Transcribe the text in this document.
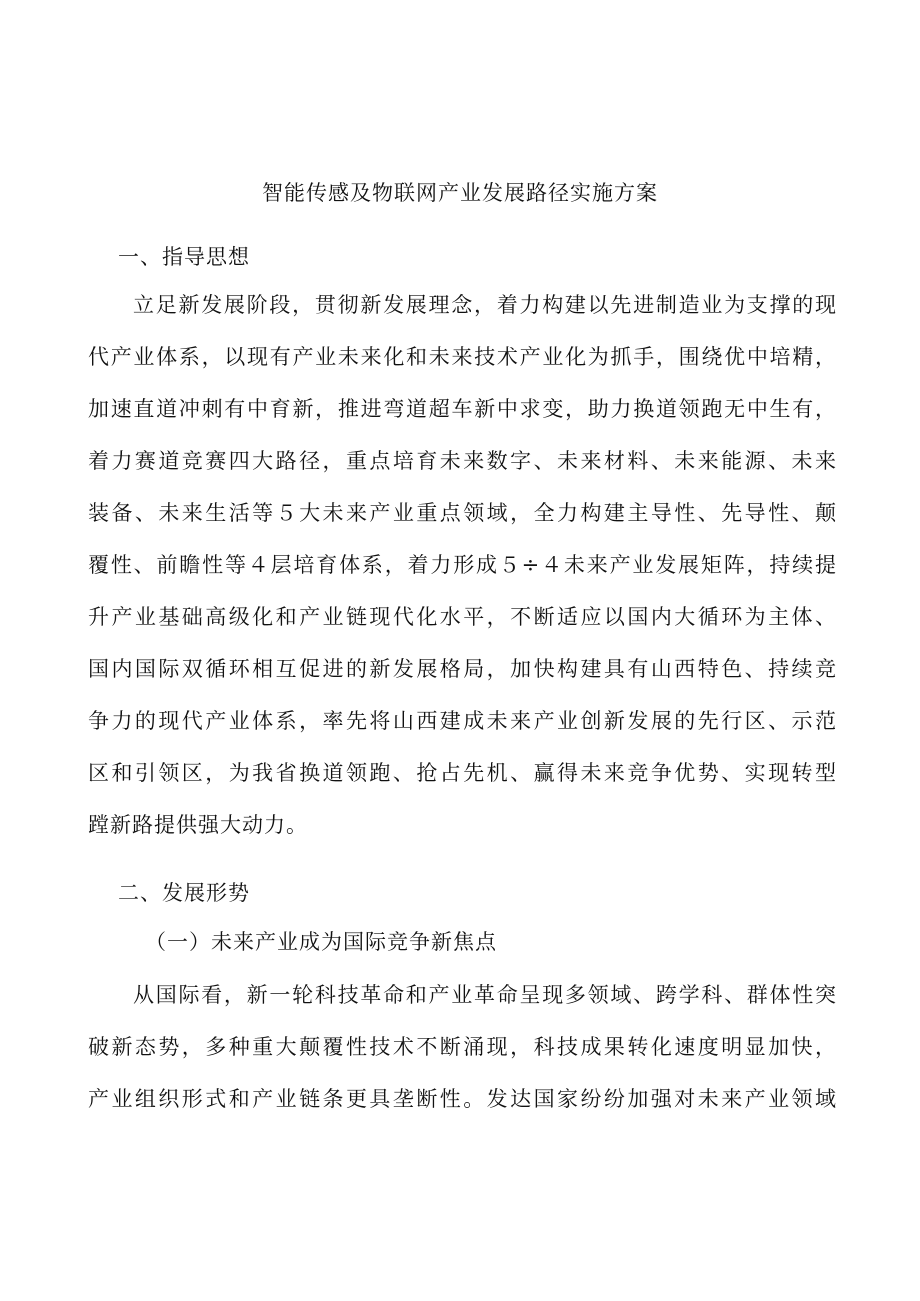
智能传感及物联网产业发展路径实施方案
一、指导思想
立足新发展阶段，贯彻新发展理念，着力构建以先进制造业为支撑的现
代产业体系，以现有产业未来化和未来技术产业化为抓手，围绕优中培精，
加速直道冲刺有中育新，推进弯道超车新中求变，助力换道领跑无中生有，
着力赛道竞赛四大路径，重点培育未来数字、未来材料、未来能源、未来
装备、未来生活等５大未来产业重点领域，全力构建主导性、先导性、颠
覆性、前瞻性等４层培育体系，着力形成５÷４未来产业发展矩阵，持续提
升产业基础高级化和产业链现代化水平，不断适应以国内大循环为主体、
国内国际双循环相互促进的新发展格局，加快构建具有山西特色、持续竞
争力的现代产业体系，率先将山西建成未来产业创新发展的先行区、示范
区和引领区，为我省换道领跑、抢占先机、赢得未来竞争优势、实现转型
蹚新路提供强大动力。
二、发展形势
（一）未来产业成为国际竞争新焦点
从国际看，新一轮科技革命和产业革命呈现多领域、跨学科、群体性突
破新态势，多种重大颠覆性技术不断涌现，科技成果转化速度明显加快，
产业组织形式和产业链条更具垄断性。发达国家纷纷加强对未来产业领域
